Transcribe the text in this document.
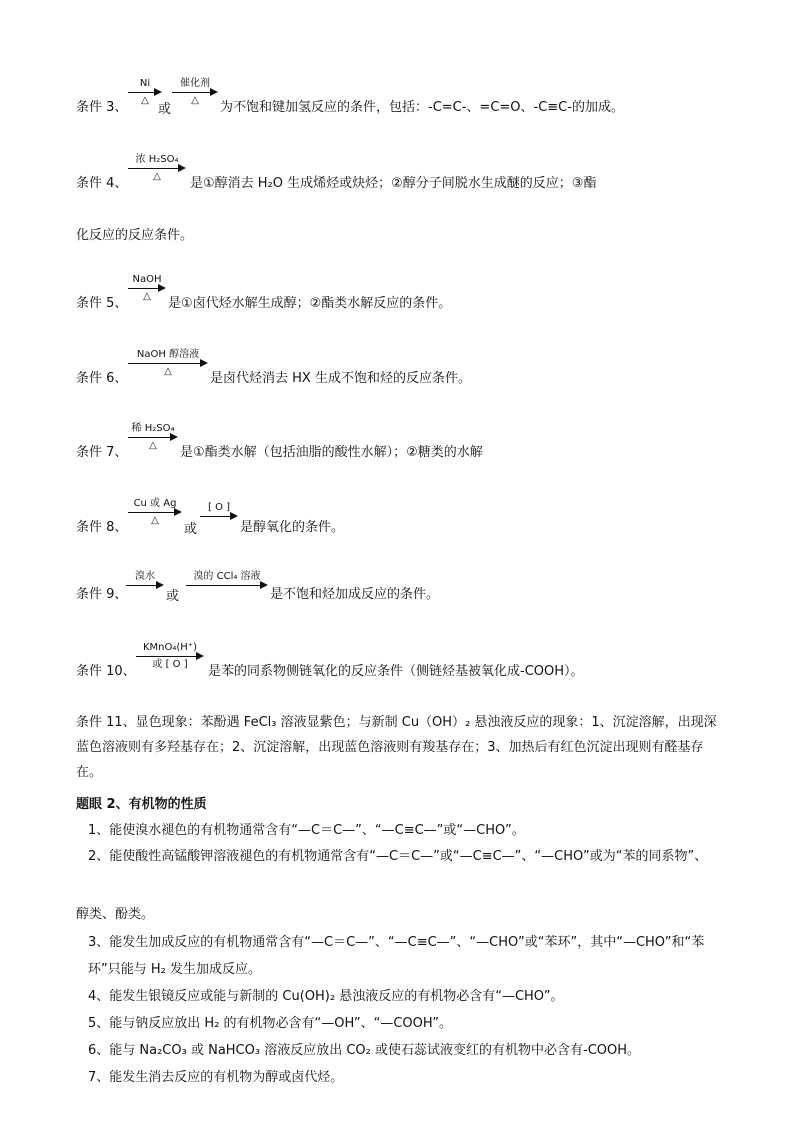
条件 3、
Ni
△
或
催化剂
△	为不饱和键加氢反应的条件，包括：-C=C-、=C=O、-C≡C-的加成。
条件 4、
浓 H₂SO₄
△	是①醇消去 H₂O 生成烯烃或炔烃；②醇分子间脱水生成醚的反应；③酯
化反应的反应条件。
条件 5、
NaOH
△	是①卤代烃水解生成醇；②酯类水解反应的条件。
条件 6、
NaOH 醇溶液
△	是卤代烃消去 HX 生成不饱和烃的反应条件。
条件 7、
稀 H₂SO₄
△	是①酯类水解（包括油脂的酸性水解）；②糖类的水解
条件 8、
Cu 或 Ag
△
或
[ O ]
是醇氧化的条件。
条件 9、
溴水
或
溴的 CCl₄ 溶液
是不饱和烃加成反应的条件。
条件 10、
KMnO₄(H⁺)
或 [ O ]	是苯的同系物侧链氧化的反应条件（侧链烃基被氧化成-COOH）。
条件 11、显色现象：苯酚遇 FeCl₃ 溶液显紫色；与新制 Cu（OH）₂ 悬浊液反应的现象：1、沉淀溶解，出现深蓝色溶液则有多羟基存在；2、沉淀溶解，出现蓝色溶液则有羧基存在；3、加热后有红色沉淀出现则有醛基存在。
题眼 2、有机物的性质
1、能使溴水褪色的有机物通常含有“—C＝C—”、“—C≡C—”或“—CHO”。
2、能使酸性高锰酸钾溶液褪色的有机物通常含有“—C＝C—”或“—C≡C—”、“—CHO”或为“苯的同系物”、
醇类、酚类。
3、能发生加成反应的有机物通常含有“—C＝C—”、“—C≡C—”、“—CHO”或“苯环”，其中“—CHO”和“苯环”只能与 H₂ 发生加成反应。
4、能发生银镜反应或能与新制的 Cu(OH)₂ 悬浊液反应的有机物必含有“—CHO”。
5、能与钠反应放出 H₂ 的有机物必含有“—OH”、“—COOH”。
6、能与 Na₂CO₃ 或 NaHCO₃ 溶液反应放出 CO₂ 或使石蕊试液变红的有机物中必含有-COOH。
7、能发生消去反应的有机物为醇或卤代烃。
